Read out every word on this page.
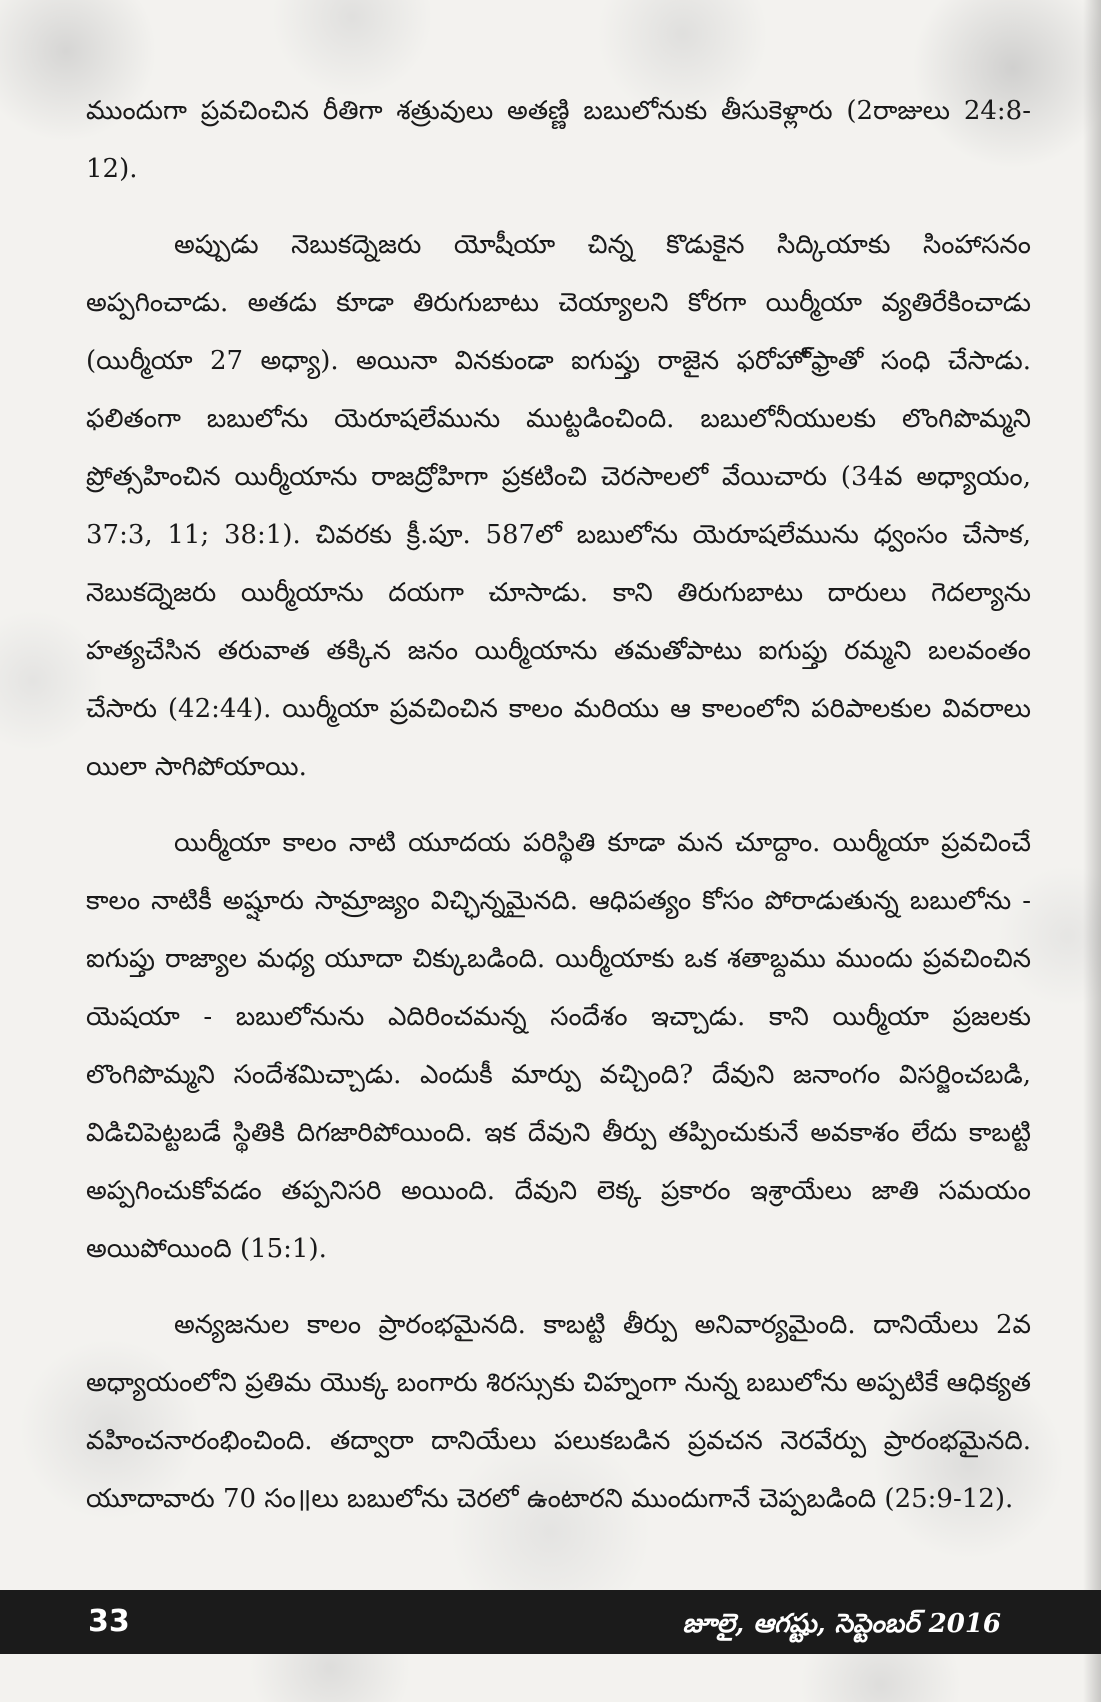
ముందుగా ప్రవచించిన రీతిగా శత్రువులు అతణ్ణి బబులోనుకు తీసుకెళ్లారు (2రాజులు 24:8-12).

అప్పుడు నెబుకద్నెజరు యోషీయా చిన్న కొడుకైన సిద్కియాకు సింహాసనం అప్పగించాడు. అతడు కూడా తిరుగుబాటు చెయ్యాలని కోరగా యిర్మీయా వ్యతిరేకించాడు (యిర్మీయా 27 అధ్యా). అయినా వినకుండా ఐగుప్తు రాజైన ఫరోహో్ఫ్రాతో సంధి చేసాడు. ఫలితంగా బబులోను యెరూషలేమును ముట్టడించింది. బబులోనీయులకు లొంగిపొమ్మని ప్రోత్సహించిన యిర్మీయాను రాజద్రోహిగా ప్రకటించి చెరసాలలో వేయిచారు (34వ అధ్యాయం, 37:3, 11; 38:1). చివరకు క్రీ.పూ. 587లో బబులోను యెరూషలేమును ధ్వంసం చేసాక, నెబుకద్నెజరు యిర్మీయాను దయగా చూసాడు. కాని తిరుగుబాటు దారులు గెదల్యాను హత్యచేసిన తరువాత తక్కిన జనం యిర్మీయాను తమతోపాటు ఐగుప్తు రమ్మని బలవంతం చేసారు (42:44). యిర్మీయా ప్రవచించిన కాలం మరియు ఆ కాలంలోని పరిపాలకుల వివరాలు యిలా సాగిపోయాయి.

యిర్మీయా కాలం నాటి యూదయ పరిస్థితి కూడా మన చూద్దాం. యిర్మీయా ప్రవచించే కాలం నాటికీ అష్షూరు సామ్రాజ్యం విచ్ఛిన్నమైనది. ఆధిపత్యం కోసం పోరాడుతున్న బబులోను - ఐగుప్తు రాజ్యాల మధ్య యూదా చిక్కుబడింది. యిర్మీయాకు ఒక శతాబ్దము ముందు ప్రవచించిన యెషయా - బబులోనును ఎదిరించమన్న సందేశం ఇచ్చాడు. కాని యిర్మీయా ప్రజలకు లొంగిపొమ్మని సందేశమిచ్చాడు. ఎందుకీ మార్పు వచ్చింది? దేవుని జనాంగం విసర్జించబడి, విడిచిపెట్టబడే స్థితికి దిగజారిపోయింది. ఇక దేవుని తీర్పు తప్పించుకునే అవకాశం లేదు కాబట్టి అప్పగించుకోవడం తప్పనిసరి అయింది. దేవుని లెక్క ప్రకారం ఇశ్రాయేలు జాతి సమయం అయిపోయింది (15:1).

అన్యజనుల కాలం ప్రారంభమైనది. కాబట్టి తీర్పు అనివార్యమైంది. దానియేలు 2వ అధ్యాయంలోని ప్రతిమ యొక్క బంగారు శిరస్సుకు చిహ్నంగా నున్న బబులోను అప్పటికే ఆధిక్యత వహించనారంభించింది. తద్వారా దానియేలు పలుకబడిన ప్రవచన నెరవేర్పు ప్రారంభమైనది. యూదావారు 70 సం॥లు బబులోను చెరలో ఉంటారని ముందుగానే చెప్పబడింది (25:9-12).

33	జూలై, ఆగష్టు, సెప్టెంబర్ 2016
